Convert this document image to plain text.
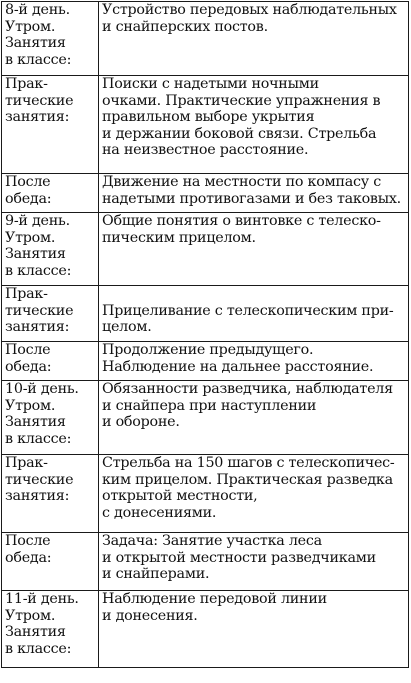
8-й день.
Утром.
Занятия
в классе:	Устройство передовых наблюдательных
и снайперских постов.

Прак-
тические
занятия:	Поиски с надетыми ночными
очками. Практические упражнения в
правильном выборе укрытия
и держании боковой связи. Стрельба
на неизвестное расстояние.

После
обеда:	Движение на местности по компасу с
надетыми противогазами и без таковых.

9-й день.
Утром.
Занятия
в классе:	Общие понятия о винтовке с телеско-
пическим прицелом.

Прак-
тические
занятия:	Прицеливание с телескопическим при-
целом.

После
обеда:	Продолжение предыдущего.
Наблюдение на дальнее расстояние.

10-й день.
Утром.
Занятия
в классе:	Обязанности разведчика, наблюдателя
и снайпера при наступлении
и обороне.

Прак-
тические
занятия:	Стрельба на 150 шагов с телескопичес-
ким прицелом. Практическая разведка
открытой местности,
с донесениями.

После
обеда:	Задача: Занятие участка леса
и открытой местности разведчиками
и снайперами.

11-й день.
Утром.
Занятия
в классе:	Наблюдение передовой линии
и донесения.
